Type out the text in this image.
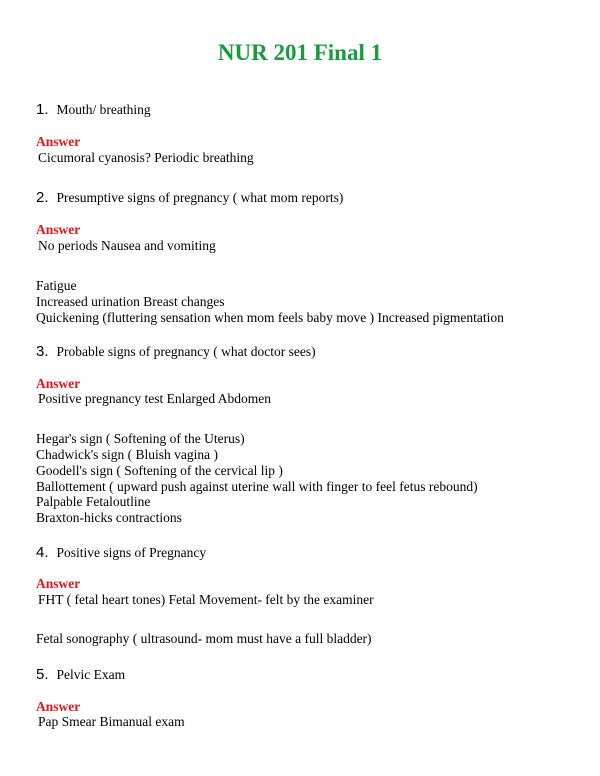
NUR 201 Final 1
1. Mouth/ breathing
Answer
Cicumoral cyanosis? Periodic breathing
2. Presumptive signs of pregnancy ( what mom reports)
Answer
No periods Nausea and vomiting
Fatigue
Increased urination Breast changes
Quickening (fluttering sensation when mom feels baby move ) Increased pigmentation
3. Probable signs of pregnancy ( what doctor sees)
Answer
Positive pregnancy test Enlarged Abdomen
Hegar's sign ( Softening of the Uterus)
Chadwick's sign ( Bluish vagina )
Goodell's sign ( Softening of the cervical lip )
Ballottement ( upward push against uterine wall with finger to feel fetus rebound)
Palpable Fetaloutline
Braxton-hicks contractions
4. Positive signs of Pregnancy
Answer
FHT ( fetal heart tones) Fetal Movement- felt by the examiner
Fetal sonography ( ultrasound- mom must have a full bladder)
5. Pelvic Exam
Answer
Pap Smear Bimanual exam
